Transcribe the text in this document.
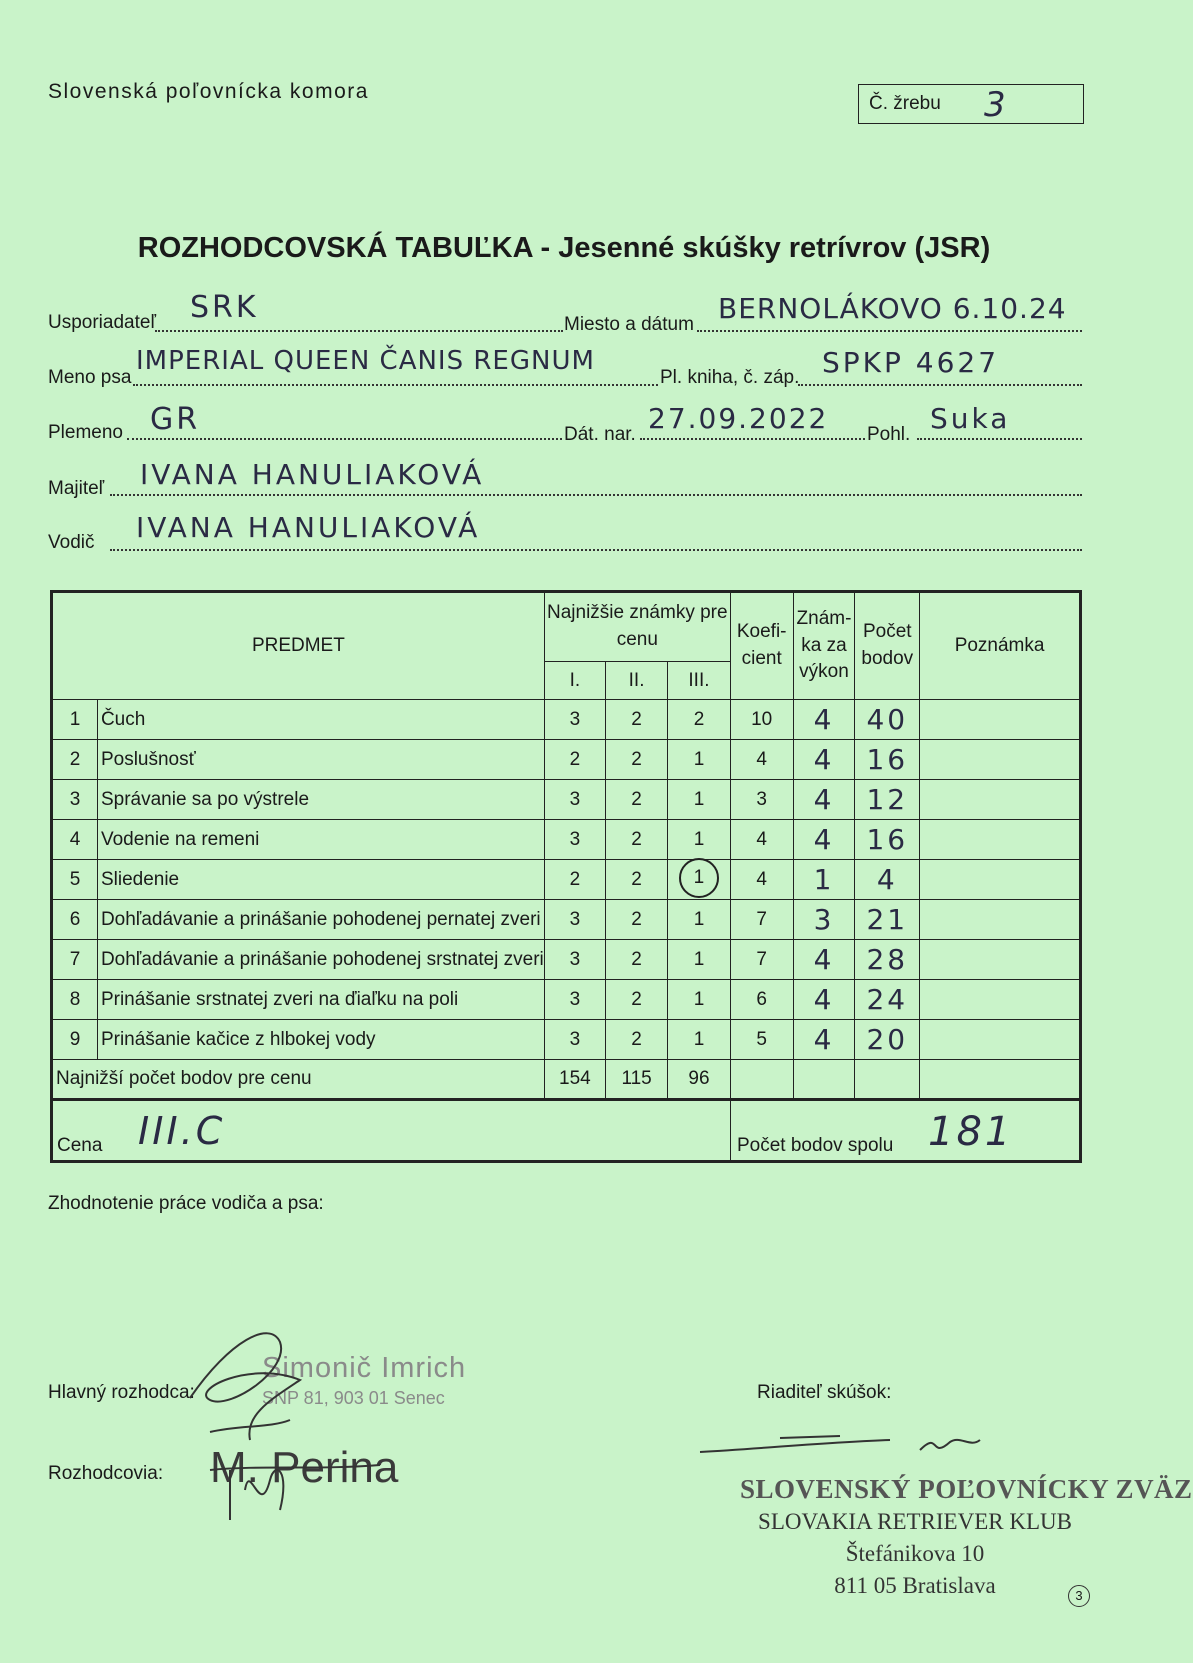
Slovenská poľovnícka komora
Č. žrebu 3
ROZHODCOVSKÁ TABUĽKA - Jesenné skúšky retrívrov (JSR)
Usporiadateľ SRK	Miesto a dátum BERNOLÁKOVO 6.10.24
Meno psa
IMPERIAL QUEEN ČANIS REGNUM
Pl. kniha, č. záp. SPKP 4627
Plemeno GR	Dát. nar. 27.09.2022 Pohl. Suka
Majiteľ IVANA HANULIAKOVÁ
Vodič IVANA HANULIAKOVÁ
PREDMET		Najnižšie známky pre cenu			Koefi-cient	Znám-ka za výkon	Počet bodov	Poznámka
		I.	II.	III.				
1	Čuch	3	2	2	10	4	40	
2	Poslušnosť	2	2	1	4	4	16	
3	Správanie sa po výstrele	3	2	1	3	4	12	
4	Vodenie na remeni	3	2	1	4	4	16	
5	Sliedenie	2	2	1	4	1	4	
6	Dohľadávanie a prinášanie pohodenej pernatej zveri	3	2	1	7	3	21	
7	Dohľadávanie a prinášanie pohodenej srstnatej zveri	3	2	1	7	4	28	
8	Prinášanie srstnatej zveri na ďiaľku na poli	3	2	1	6	4	24	
9	Prinášanie kačice z hlbokej vody	3	2	1	5	4	20	
Najnižší počet bodov pre cenu		154	115	96				
Cena III.C	Počet bodov spolu 181
Zhodnotenie práce vodiča a psa:
Hlavný rozhodca:
Rozhodcovia:
Riaditeľ skúšok:
Simonič Imrich
SNP 81, 903 01 Senec
M. Perina	SLOVENSKÝ POĽOVNÍCKY ZVÄZ
SLOVAKIA RETRIEVER KLUB
Štefánikova 10
811 05 Bratislava	3
